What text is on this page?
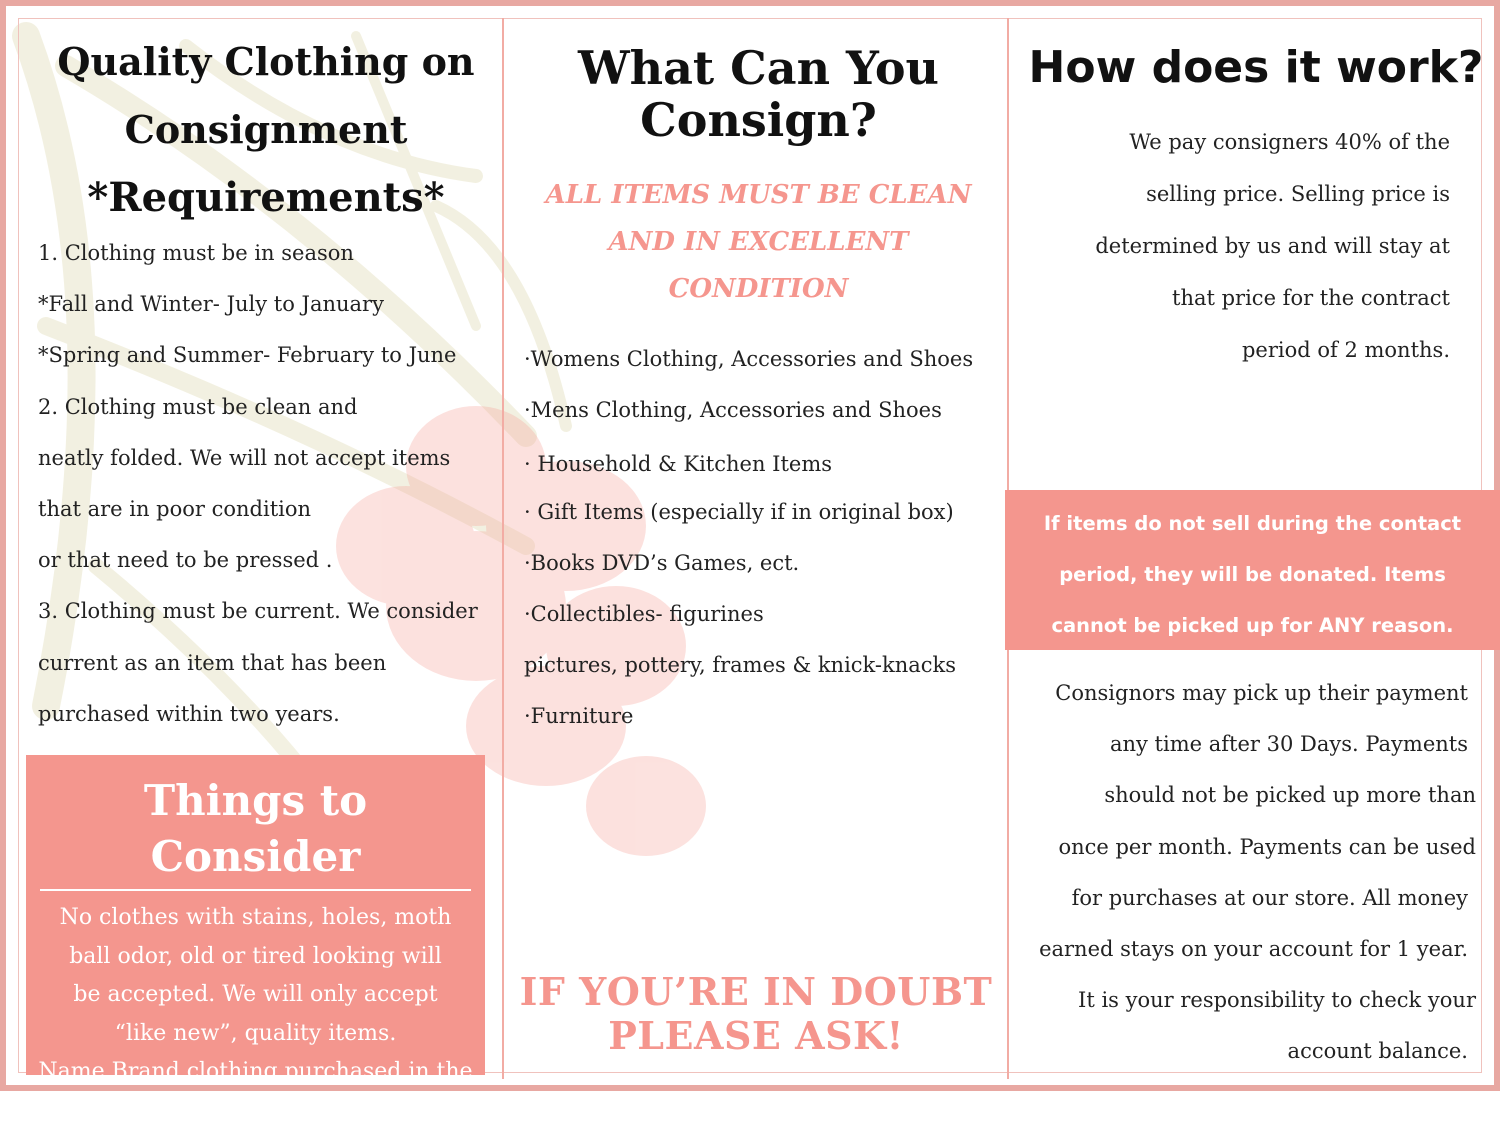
Quality Clothing on
Consignment
*Requirements*
1. Clothing must be in season
*Fall and Winter- July to January
*Spring and Summer- February to June
2. Clothing must be clean and
neatly folded. We will not accept items
that are in poor condition
or that need to be pressed .
3. Clothing must be current. We consider
current as an item that has been
purchased within two years.
Things to Consider
No clothes with stains, holes, moth
ball odor, old or tired looking will
be accepted. We will only accept
“like new”, quality items.
Name Brand clothing purchased in the
last 2 years is in high demand.
What Can You
Consign?
ALL ITEMS MUST BE CLEAN
AND IN EXCELLENT
CONDITION
·Womens Clothing, Accessories and Shoes
·Mens Clothing, Accessories and Shoes
· Household & Kitchen Items
· Gift Items (especially if in original box)
·Books DVD’s Games, ect.
·Collectibles- figurines
pictures, pottery, frames & knick-knacks
·Furniture
IF YOU’RE IN DOUBT
PLEASE ASK!
How does it work?
We pay consigners 40% of the
selling price. Selling price is
determined by us and will stay at
that price for the contract
period of 2 months.
If items do not sell during the contact
period, they will be donated. Items
cannot be picked up for ANY reason.
Consignors may pick up their payment
any time after 30 Days. Payments
should not be picked up more than
once per month. Payments can be used
for purchases at our store. All money
earned stays on your account for 1 year.
It is your responsibility to check your
account balance.
